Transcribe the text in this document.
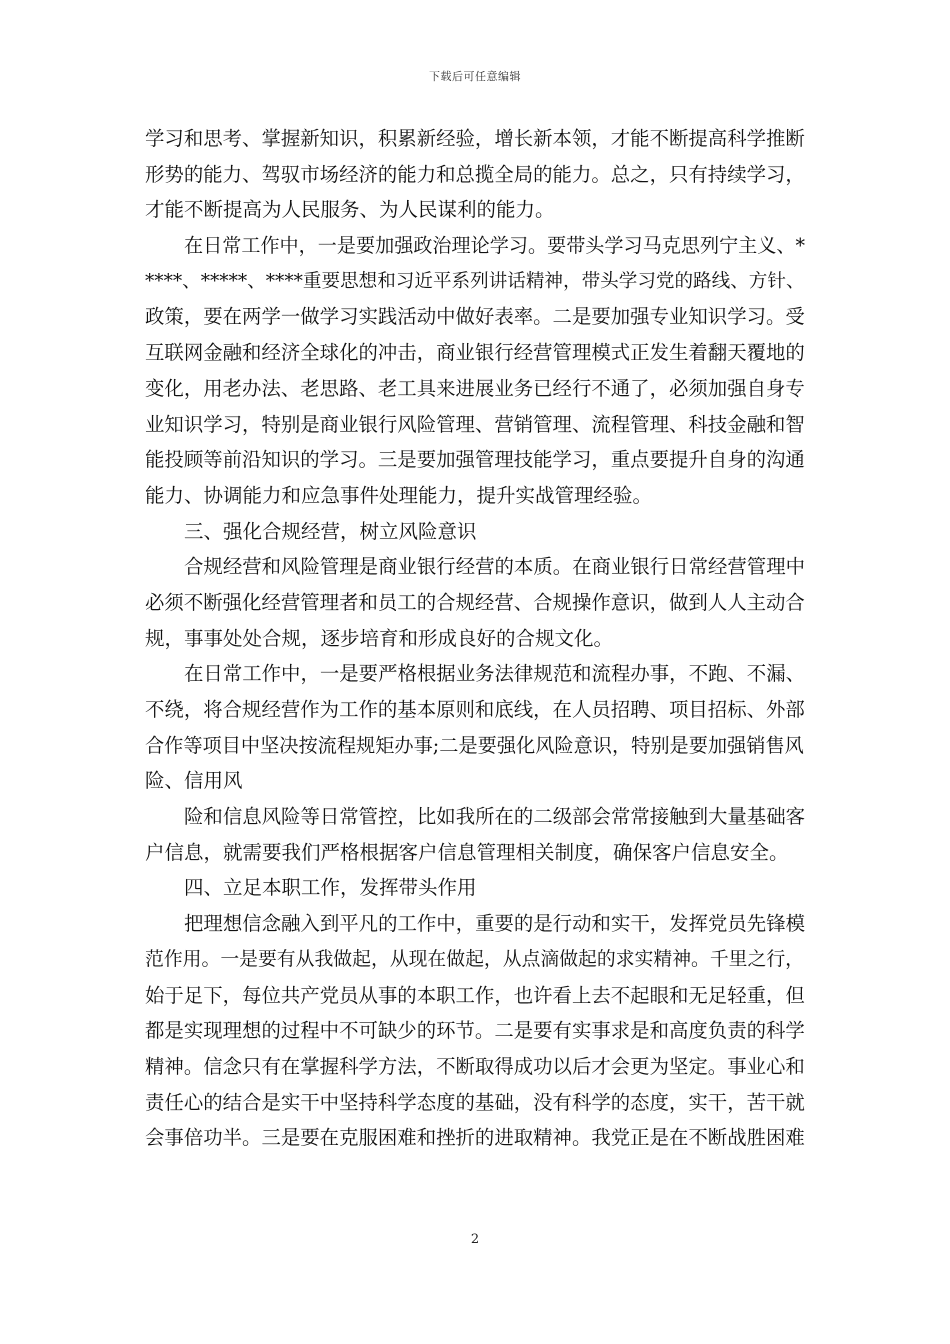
下载后可任意编辑
学习和思考、掌握新知识，积累新经验，增长新本领，才能不断提高科学推断
形势的能力、驾驭市场经济的能力和总揽全局的能力。总之，只有持续学习，
才能不断提高为人民服务、为人民谋利的能力。
在日常工作中，一是要加强政治理论学习。要带头学习马克思列宁主义、*
****、*****、****重要思想和习近平系列讲话精神，带头学习党的路线、方针、
政策，要在两学一做学习实践活动中做好表率。二是要加强专业知识学习。受
互联网金融和经济全球化的冲击，商业银行经营管理模式正发生着翻天覆地的
变化，用老办法、老思路、老工具来进展业务已经行不通了，必须加强自身专
业知识学习，特别是商业银行风险管理、营销管理、流程管理、科技金融和智
能投顾等前沿知识的学习。三是要加强管理技能学习，重点要提升自身的沟通
能力、协调能力和应急事件处理能力，提升实战管理经验。
三、强化合规经营，树立风险意识
合规经营和风险管理是商业银行经营的本质。在商业银行日常经营管理中
必须不断强化经营管理者和员工的合规经营、合规操作意识，做到人人主动合
规，事事处处合规，逐步培育和形成良好的合规文化。
在日常工作中，一是要严格根据业务法律规范和流程办事，不跑、不漏、
不绕，将合规经营作为工作的基本原则和底线，在人员招聘、项目招标、外部
合作等项目中坚决按流程规矩办事;二是要强化风险意识，特别是要加强销售风
险、信用风
险和信息风险等日常管控，比如我所在的二级部会常常接触到大量基础客
户信息，就需要我们严格根据客户信息管理相关制度，确保客户信息安全。
四、立足本职工作，发挥带头作用
把理想信念融入到平凡的工作中，重要的是行动和实干，发挥党员先锋模
范作用。一是要有从我做起，从现在做起，从点滴做起的求实精神。千里之行，
始于足下，每位共产党员从事的本职工作，也许看上去不起眼和无足轻重，但
都是实现理想的过程中不可缺少的环节。二是要有实事求是和高度负责的科学
精神。信念只有在掌握科学方法，不断取得成功以后才会更为坚定。事业心和
责任心的结合是实干中坚持科学态度的基础，没有科学的态度，实干，苦干就
会事倍功半。三是要在克服困难和挫折的进取精神。我党正是在不断战胜困难
2
